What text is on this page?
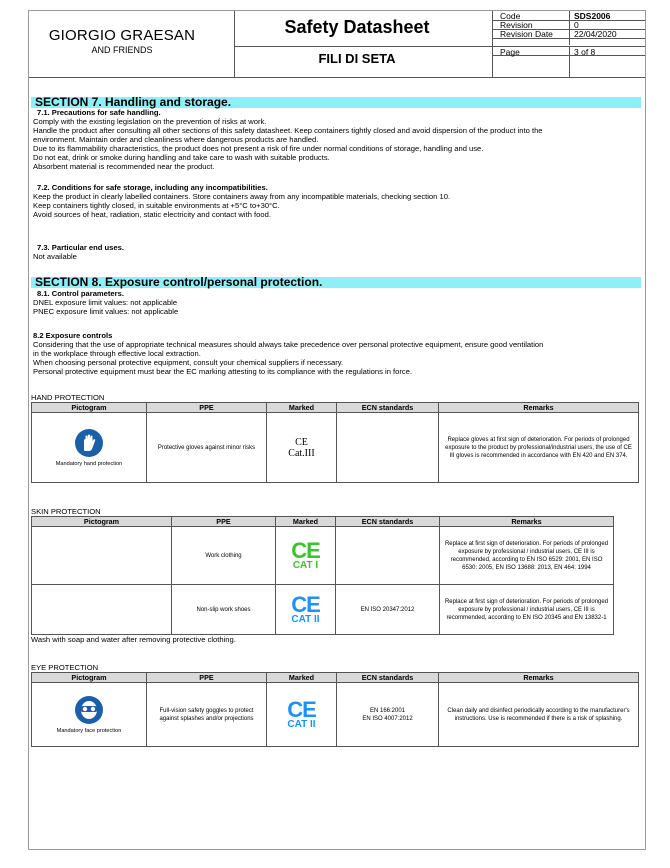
GIORGIO GRAESAN
AND FRIENDS
Safety Datasheet
FILI DI SETA
Code	SDS2006
Revision	0
Revision Date 22/04/2020
Page	3 of 8
SECTION 7. Handling and storage.
7.1. Precautions for safe handling.

Comply with the existing legislation on the prevention of risks at work.

Handle the product after consulting all other sections of this safety datasheet. Keep containers tightly closed and avoid dispersion of the product into the

environment. Maintain order and cleanliness where dangerous products are handled.

Due to its flammability characteristics, the product does not present a risk of fire under normal conditions of storage, handling and use.

Do not eat, drink or smoke during handling and take care to wash with suitable products.

Absorbent material is recommended near the product.

7.2. Conditions for safe storage, including any incompatibilities.

Keep the product in clearly labelled containers. Store containers away from any incompatible materials, checking section 10.

Keep containers tightly closed, in suitable environments at +5°C to+30°C.

Avoid sources of heat, radiation, static electricity and contact with food.

7.3. Particular end uses.

Not available

SECTION 8. Exposure control/personal protection.
8.1. Control parameters.

DNEL exposure limit values: not applicable

PNEC exposure limit values: not applicable

8.2 Exposure controls

Considering that the use of appropriate technical measures should always take precedence over personal protective equipment, ensure good ventilation

in the workplace through effective local extraction.

When choosing personal protective equipment, consult your chemical suppliers if necessary.

Personal protective equipment must bear the EC marking attesting to its compliance with the regulations in force.

HAND PROTECTION
Pictogram	PPE	Marked	ECN standards	Remarks

Mandatory hand protection	Protective gloves against minor risks	CE
Cat.III		Replace gloves at first sign of deterioration. For periods of prolonged exposure to the product by professional/industrial users, the use of CE III gloves is recommended in accordance with EN 420 and EN 374.
SKIN PROTECTION
Pictogram	PPE	Marked	ECN standards	Remarks
	Work clothing	CE
CAT I		Replace at first sign of deterioration. For periods of prolonged exposure by professional / industrial users, CE III is recommended, according to EN ISO 6529: 2001, EN ISO 6530: 2005, EN ISO 13688: 2013, EN 464: 1994
	Non-slip work shoes	CE
CAT II	EN ISO 20347:2012	Replace at first sign of deterioration. For periods of prolonged exposure by professional / industrial users, CE III is recommended, according to EN ISO 20345 and EN 13832-1
Wash with soap and water after removing protective clothing.
EYE PROTECTION
Pictogram	PPE	Marked	ECN standards	Remarks

Mandatory face protection	Full-vision safety goggles to protect against splashes and/or projections	CE
CAT II	EN 166:2001
EN ISO 4007:2012	Clean daily and disinfect periodically according to the manufacturer's instructions. Use is recommended if there is a risk of splashing.
